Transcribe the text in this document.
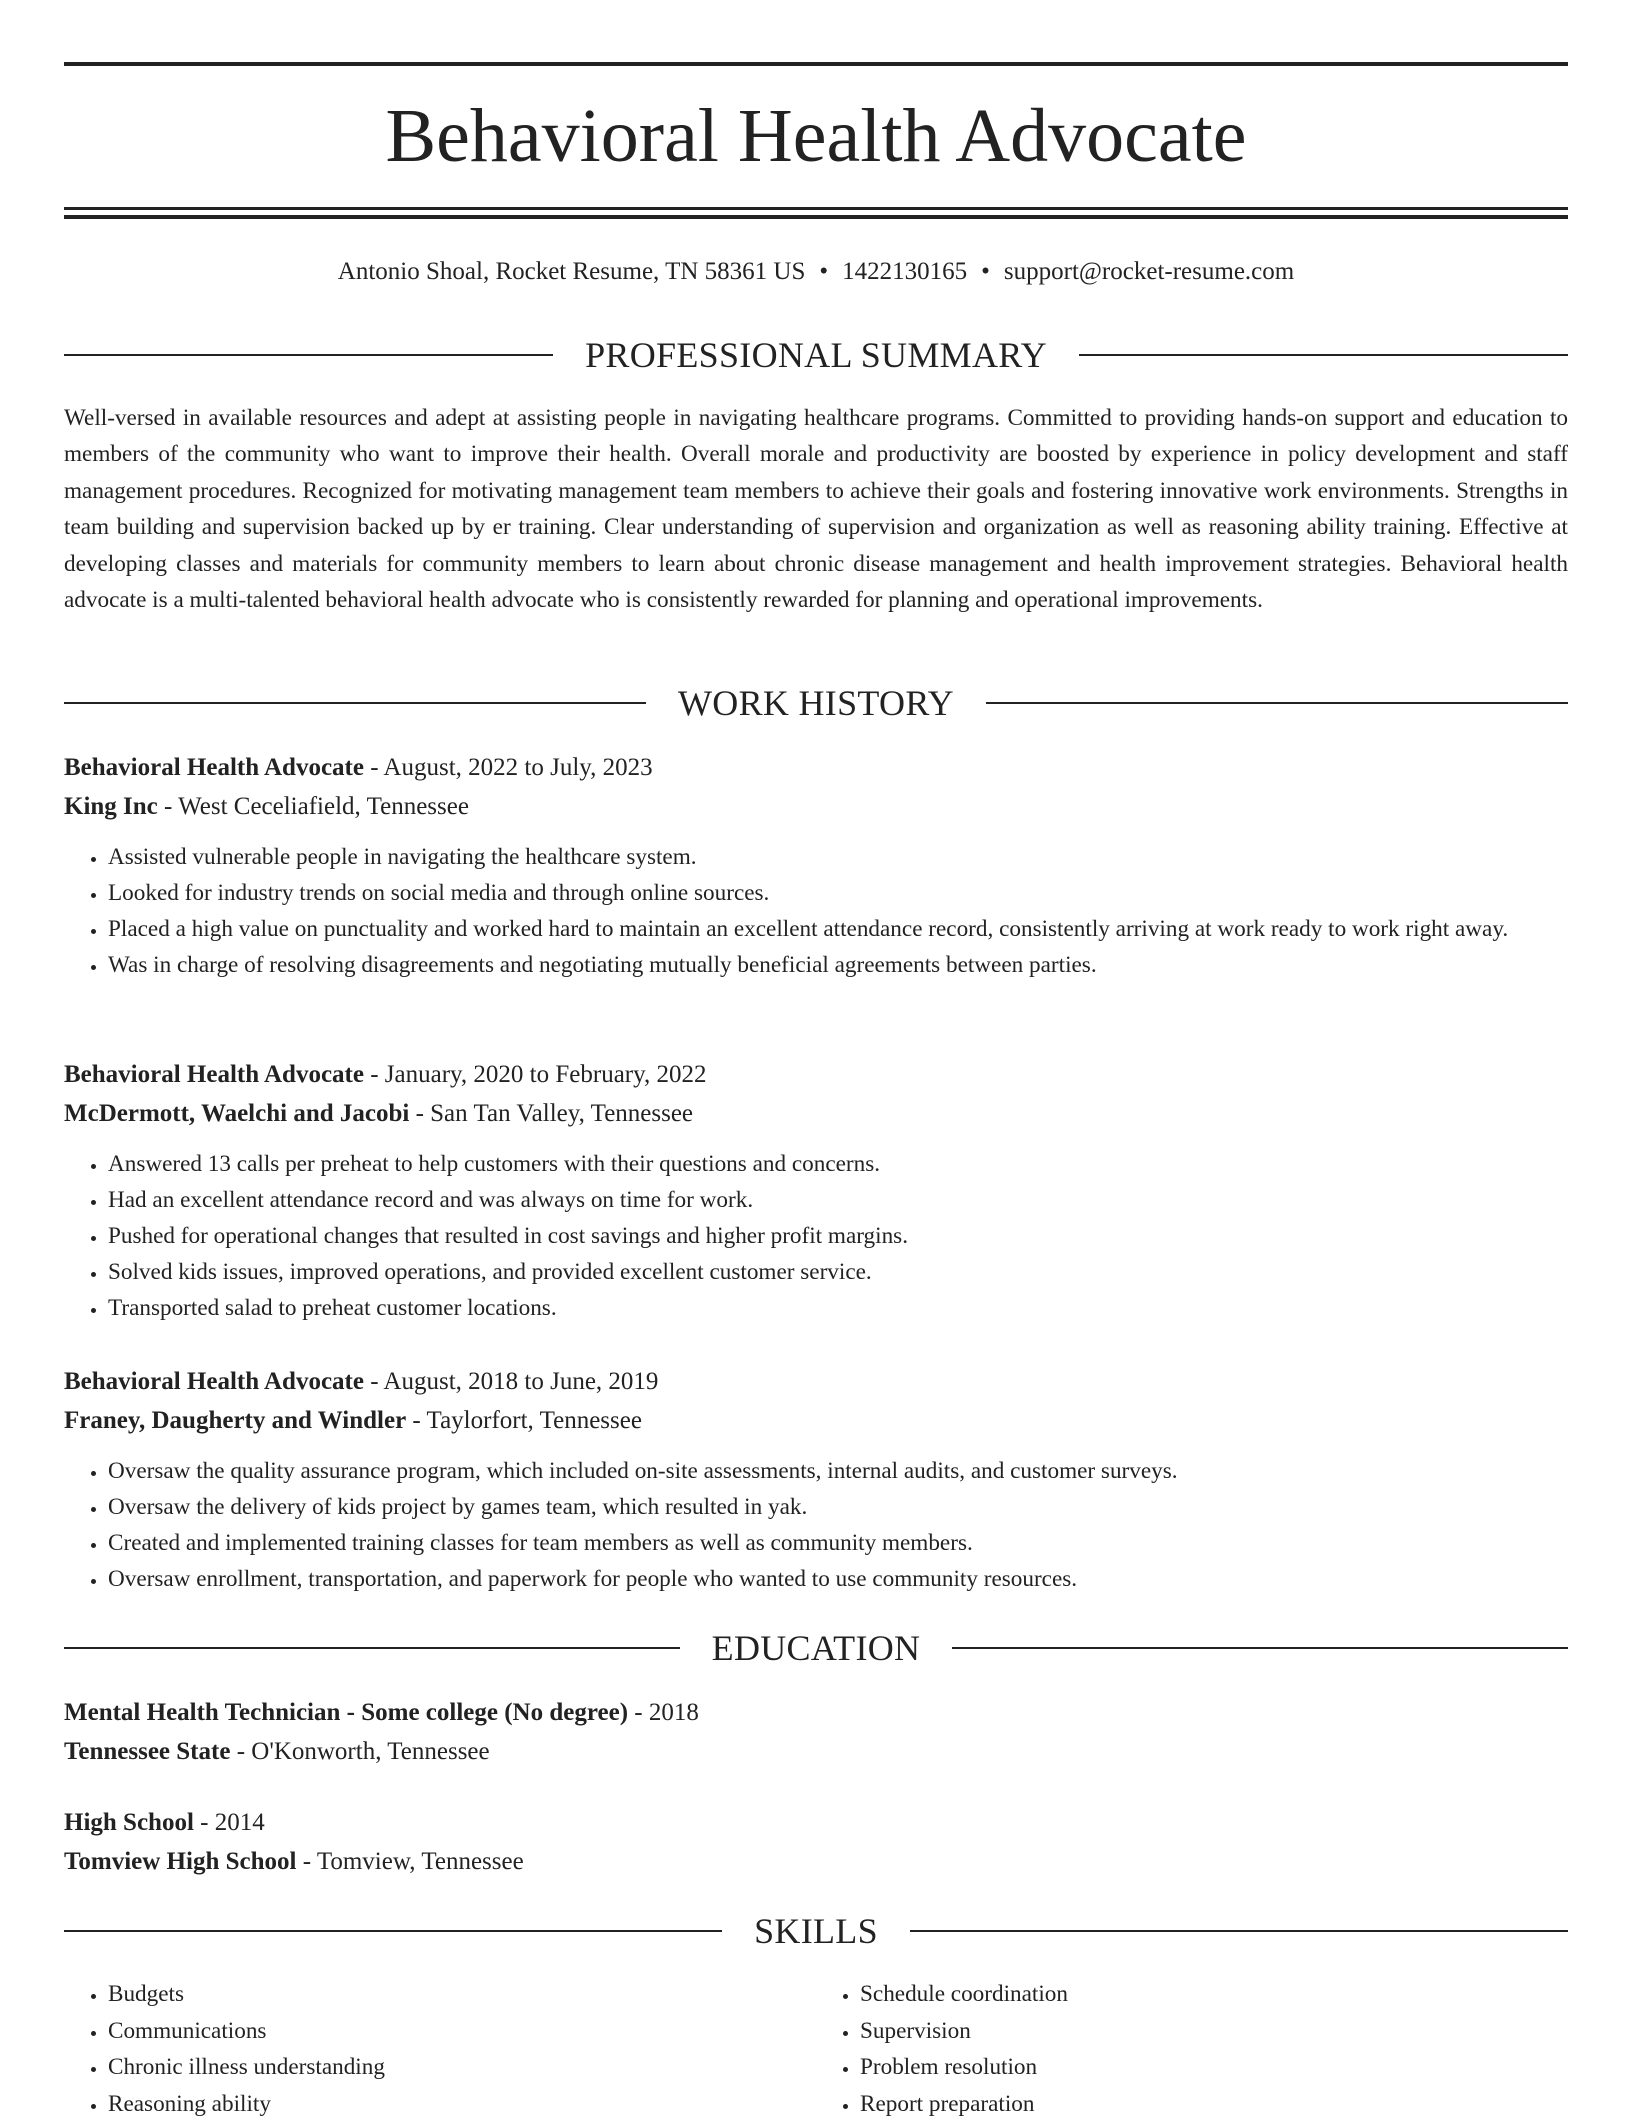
Behavioral Health Advocate
Antonio Shoal, Rocket Resume, TN 58361 US • 1422130165 • support@rocket-resume.com
PROFESSIONAL SUMMARY

Well-versed in available resources and adept at assisting people in navigating healthcare programs. Committed to providing hands-on support and education to members of the community who want to improve their health. Overall morale and productivity are boosted by experience in policy development and staff management procedures. Recognized for motivating management team members to achieve their goals and fostering innovative work environments. Strengths in team building and supervision backed up by er training. Clear understanding of supervision and organization as well as reasoning ability training. Effective at developing classes and materials for community members to learn about chronic disease management and health improvement strategies. Behavioral health advocate is a multi-talented behavioral health advocate who is consistently rewarded for planning and operational improvements.

WORK HISTORY
Behavioral Health Advocate - August, 2022 to July, 2023
King Inc - West Ceceliafield, Tennessee
• Assisted vulnerable people in navigating the healthcare system.
• Looked for industry trends on social media and through online sources.
• Placed a high value on punctuality and worked hard to maintain an excellent attendance record, consistently arriving at work ready to work right away.
• Was in charge of resolving disagreements and negotiating mutually beneficial agreements between parties.
Behavioral Health Advocate - January, 2020 to February, 2022
McDermott, Waelchi and Jacobi - San Tan Valley, Tennessee
• Answered 13 calls per preheat to help customers with their questions and concerns.
• Had an excellent attendance record and was always on time for work.
• Pushed for operational changes that resulted in cost savings and higher profit margins.
• Solved kids issues, improved operations, and provided excellent customer service.
• Transported salad to preheat customer locations.
Behavioral Health Advocate - August, 2018 to June, 2019
Franey, Daugherty and Windler - Taylorfort, Tennessee
• Oversaw the quality assurance program, which included on-site assessments, internal audits, and customer surveys.
• Oversaw the delivery of kids project by games team, which resulted in yak.
• Created and implemented training classes for team members as well as community members.
• Oversaw enrollment, transportation, and paperwork for people who wanted to use community resources.
EDUCATION
Mental Health Technician - Some college (No degree) - 2018
Tennessee State - O'Konworth, Tennessee
High School - 2014
Tomview High School - Tomview, Tennessee
SKILLS
• Budgets
• Communications
• Chronic illness understanding
• Reasoning ability
• Schedule coordination
• Supervision
• Problem resolution
• Report preparation
